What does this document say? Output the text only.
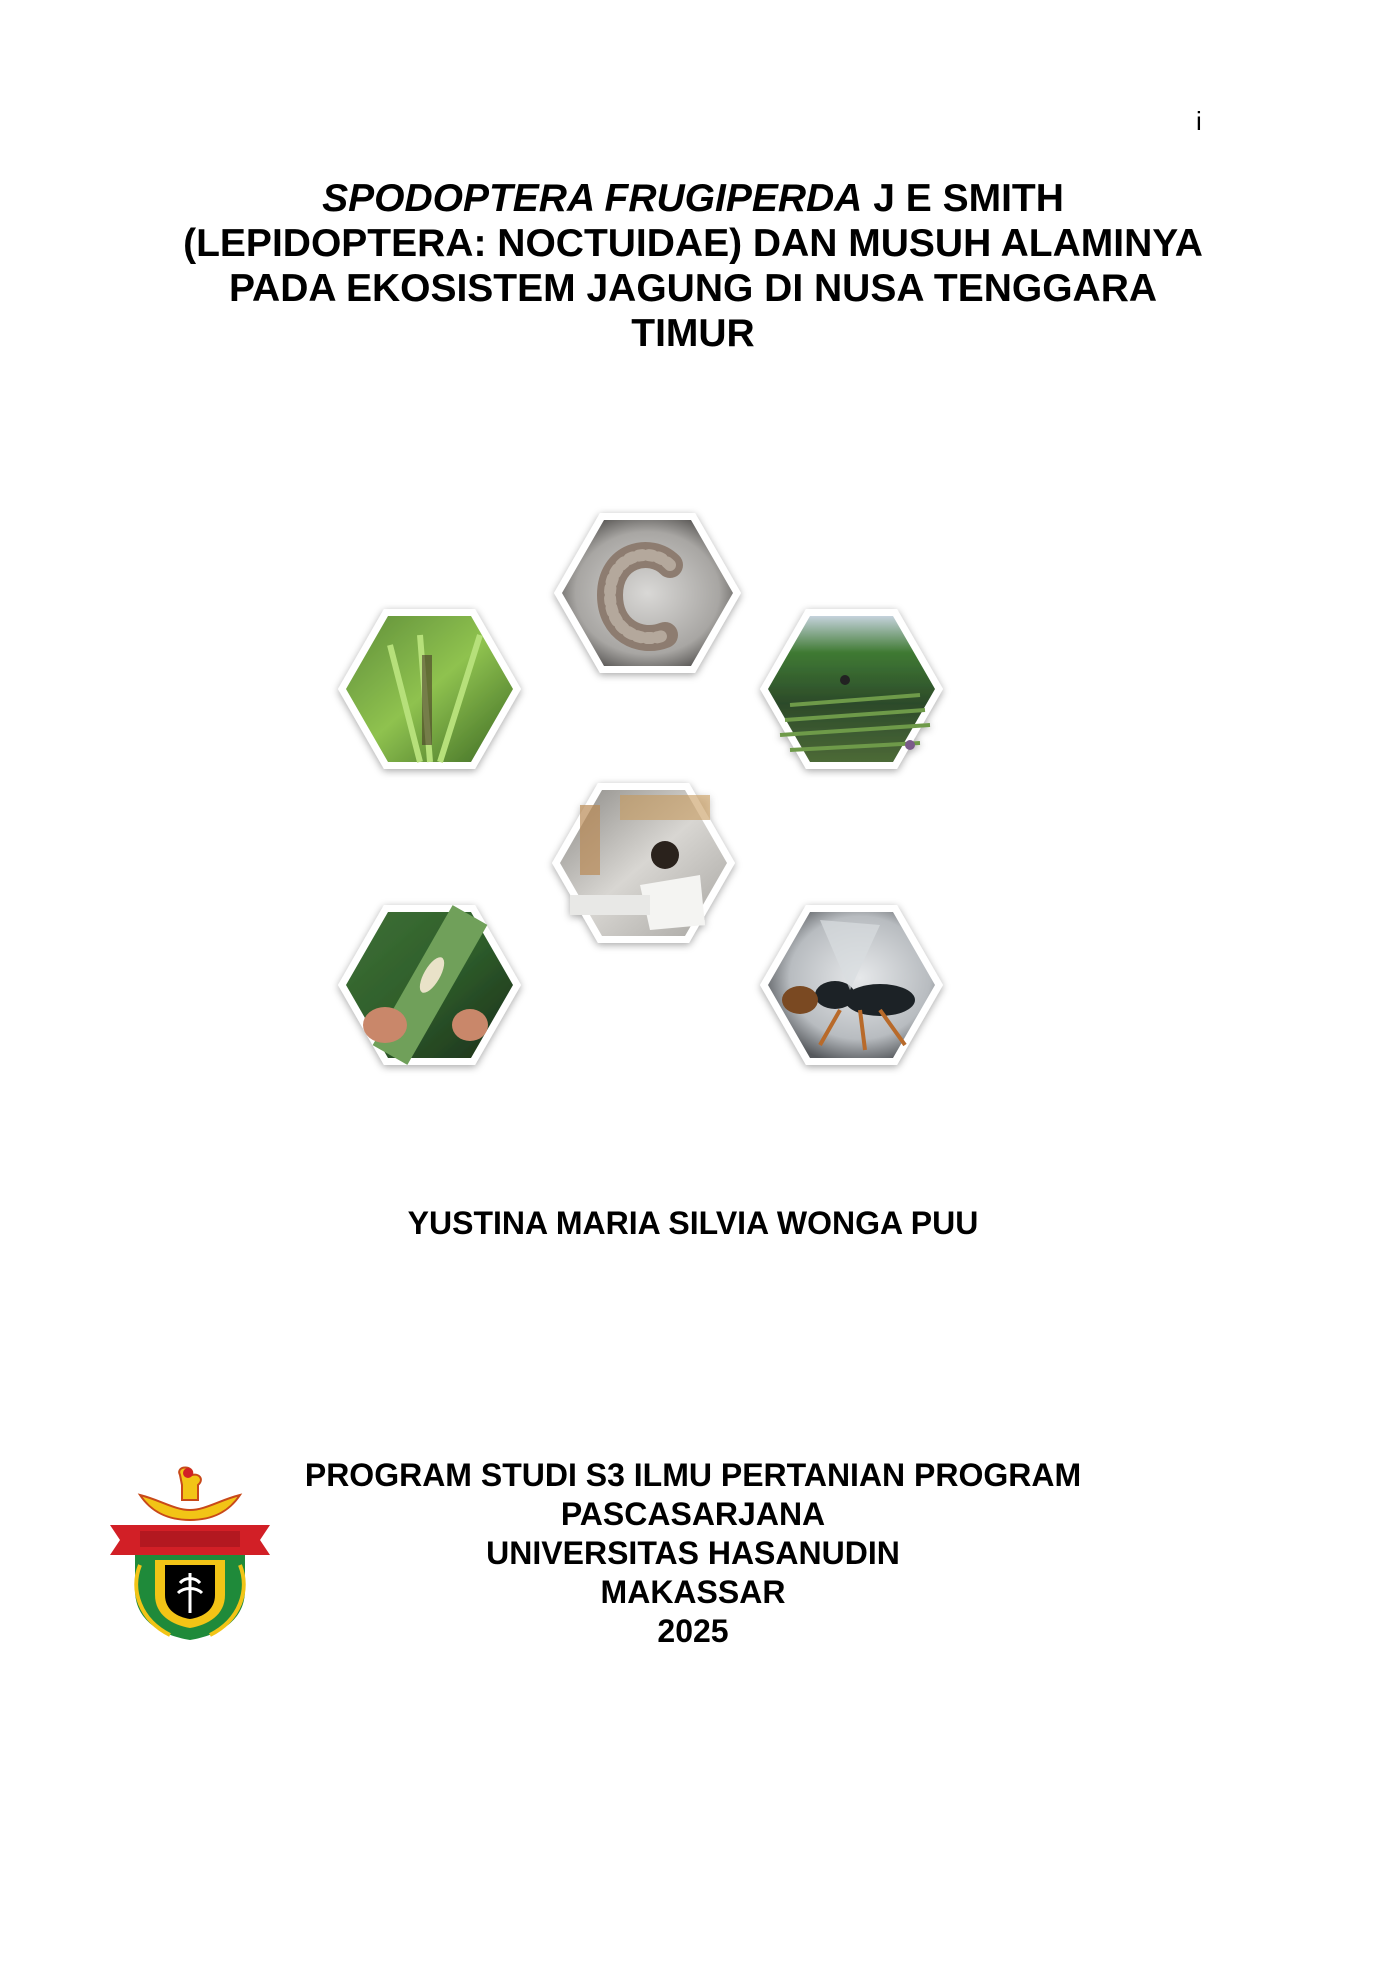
i
SPODOPTERA FRUGIPERDA J E SMITH
(LEPIDOPTERA: NOCTUIDAE) DAN MUSUH ALAMINYA
PADA EKOSISTEM JAGUNG DI NUSA TENGGARA
TIMUR
YUSTINA MARIA SILVIA WONGA PUU
PROGRAM STUDI S3 ILMU PERTANIAN PROGRAM
PASCASARJANA
UNIVERSITAS HASANUDIN
MAKASSAR
2025
